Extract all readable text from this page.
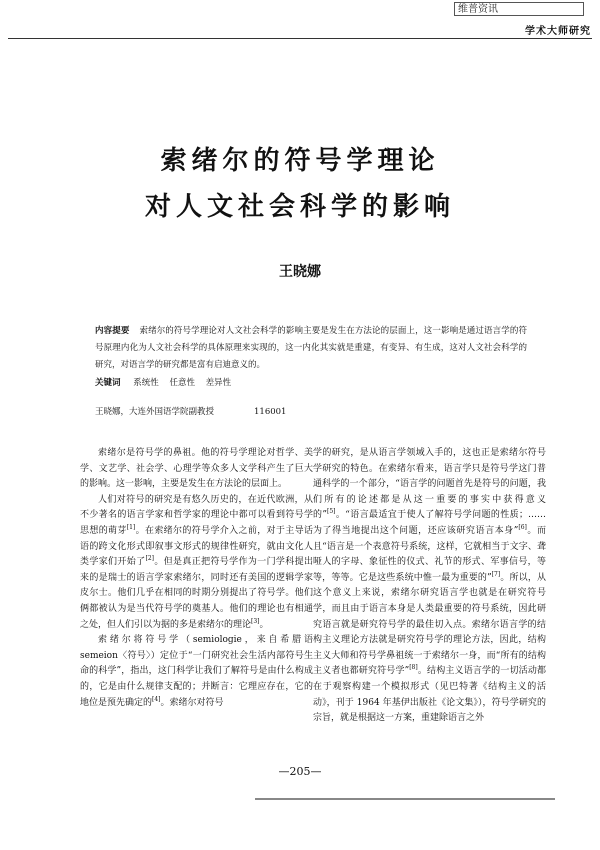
维普资讯
学术大师研究
索绪尔的符号学理论
对人文社会科学的影响
王晓娜
内容提要 索绪尔的符号学理论对人文社会科学的影响主要是发生在方法论的层面上，这一影响是通过语言学的符号原理内化为人文社会科学的具体原理来实现的，这一内化其实就是重建，有变异、有生成，这对人文社会科学的研究，对语言学的研究都是富有启迪意义的。
关键词 系统性 任意性 差异性
王晓娜，大连外国语学院副教授	116001

索绪尔是符号学的鼻祖。他的符号学理论对哲学、美学、文艺学、社会学、心理学等众多人文学科产生了巨大的影响。这一影响，主要是发生在方法论的层面上。

人们对符号的研究是有悠久历史的，在近代欧洲，从不少著名的语言学家和哲学家的理论中都可以看到符号学思想的萌芽[1]。在索绪尔的符号学介入之前，对于主导话语的跨文化形式即叙事文形式的规律性研究，就由文化人类学家们开始了[2]。但是真正把符号学作为一门学科提出来的是瑞士的语言学家索绪尔，同时还有美国的逻辑学家皮尔士。他们几乎在相同的时期分别提出了符号学。他们俩都被认为是当代符号学的奠基人。他们的理论也有相通之处，但人们引以为据的多是索绪尔的理论[3]。

索绪尔将符号学（semiologie，来自希腊语 semeion〈符号〉）定位于“一门研究社会生活内部符号生命的科学”，指出，这门科学让我们了解符号是由什么构成的，它是由什么规律支配的；并断言：它理应存在，它的地位是预先确定的[4]。索绪尔对符号

学的研究，是从语言学领域入手的，这也正是索绪尔符号学研究的特色。在索绪尔看来，语言学只是符号学这门普通科学的一个部分，“语言学的问题首先是符号的问题，我们所有的论述都是从这一重要的事实中获得意义的”[5]。“语言最适宜于使人了解符号学问题的性质；……为了得当地提出这个问题，还应该研究语言本身”[6]。而且“语言是一个表意符号系统，这样，它就相当于文字、聋哑人的字母、象征性的仪式、礼节的形式、军事信号，等等，等等。它是这些系统中惟一最为重要的”[7]。所以，从这个意义上来说，索绪尔研究语言学也就是在研究符号学，而且由于语言本身是人类最重要的符号系统，因此研究语言就是研究符号学的最佳切入点。索绪尔语言学的结构主义理论方法就是研究符号学的理论方法，因此，结构主义大师和符号学鼻祖统一于索绪尔一身，而“所有的结构主义者也都研究符号学”[8]。结构主义语言学的一切活动都在于观察构建一个模拟形式（见巴特著《结构主义的活动》，刊于 1964 年基伊出版社《论文集》），符号学研究的宗旨，就是根据这一方案，重建除语言之外

—205—
